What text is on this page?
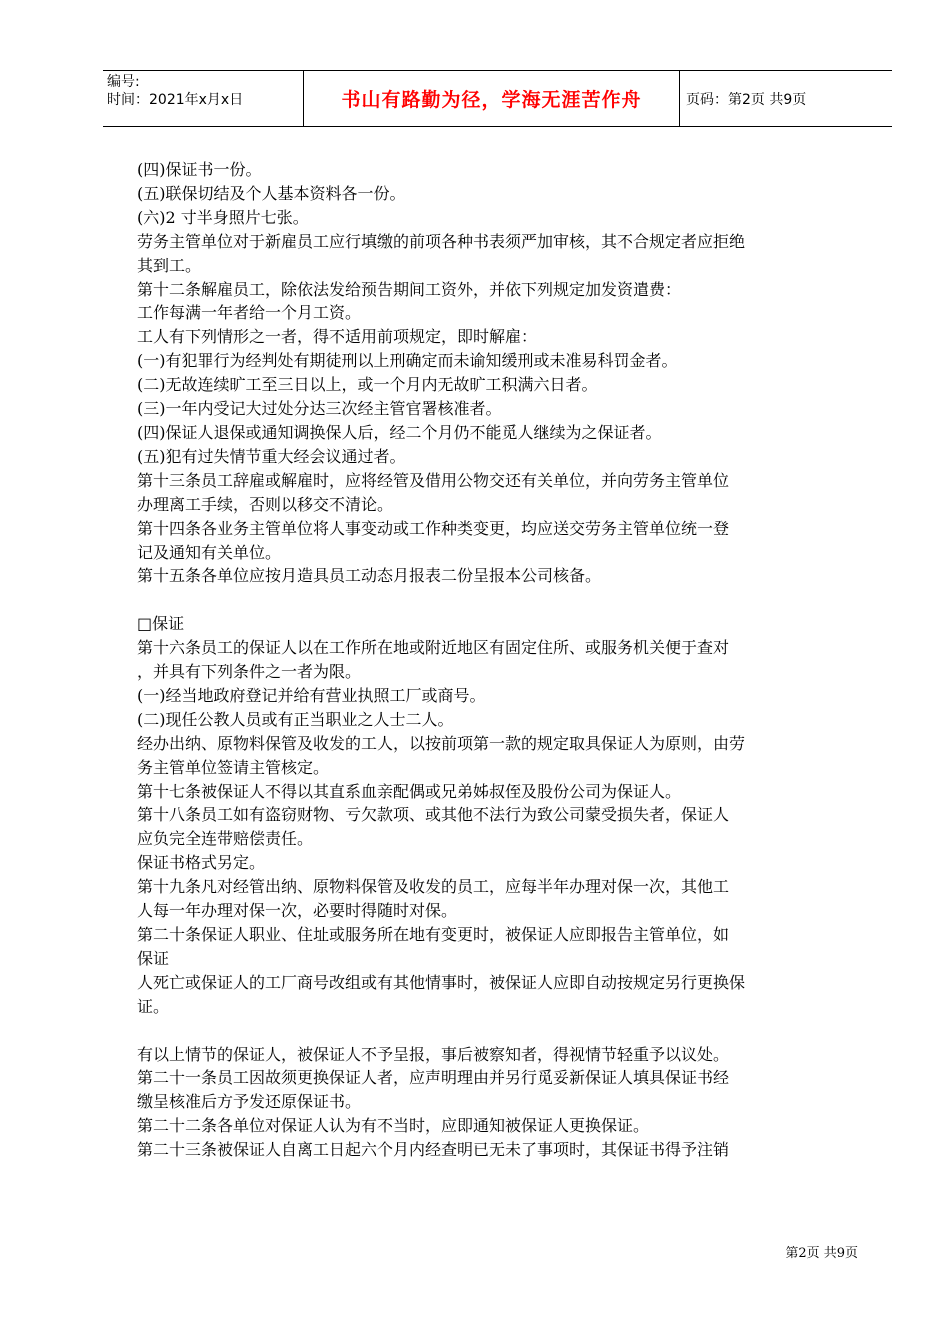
编号:
时间：2021年x月x日	书山有路勤为径，学海无涯苦作舟	页码：第2页 共9页

(四)保证书一份。

(五)联保切结及个人基本资料各一份。

(六)2 寸半身照片七张。

劳务主管单位对于新雇员工应行填缴的前项各种书表须严加审核，其不合规定者应拒绝

其到工。

第十二条解雇员工，除依法发给预告期间工资外，并依下列规定加发资遣费：

工作每满一年者给一个月工资。

工人有下列情形之一者，得不适用前项规定，即时解雇：

(一)有犯罪行为经判处有期徒刑以上刑确定而未谕知缓刑或未准易科罚金者。

(二)无故连续旷工至三日以上，或一个月内无故旷工积满六日者。

(三)一年内受记大过处分达三次经主管官署核准者。

(四)保证人退保或通知调换保人后，经二个月仍不能觅人继续为之保证者。

(五)犯有过失情节重大经会议通过者。

第十三条员工辞雇或解雇时，应将经管及借用公物交还有关单位，并向劳务主管单位

办理离工手续，否则以移交不清论。

第十四条各业务主管单位将人事变动或工作种类变更，均应送交劳务主管单位统一登

记及通知有关单位。

第十五条各单位应按月造具员工动态月报表二份呈报本公司核备。

□保证

第十六条员工的保证人以在工作所在地或附近地区有固定住所、或服务机关便于查对

，并具有下列条件之一者为限。

(一)经当地政府登记并给有营业执照工厂或商号。

(二)现任公教人员或有正当职业之人士二人。

经办出纳、原物料保管及收发的工人，以按前项第一款的规定取具保证人为原则，由劳

务主管单位签请主管核定。

第十七条被保证人不得以其直系血亲配偶或兄弟姊叔侄及股份公司为保证人。

第十八条员工如有盗窃财物、亏欠款项、或其他不法行为致公司蒙受损失者，保证人

应负完全连带赔偿责任。

保证书格式另定。

第十九条凡对经管出纳、原物料保管及收发的员工，应每半年办理对保一次，其他工

人每一年办理对保一次，必要时得随时对保。

第二十条保证人职业、住址或服务所在地有变更时，被保证人应即报告主管单位，如

保证

人死亡或保证人的工厂商号改组或有其他情事时，被保证人应即自动按规定另行更换保

证。

有以上情节的保证人，被保证人不予呈报，事后被察知者，得视情节轻重予以议处。

第二十一条员工因故须更换保证人者，应声明理由并另行觅妥新保证人填具保证书经

缴呈核准后方予发还原保证书。

第二十二条各单位对保证人认为有不当时，应即通知被保证人更换保证。

第二十三条被保证人自离工日起六个月内经查明已无未了事项时，其保证书得予注销

第2页 共9页
